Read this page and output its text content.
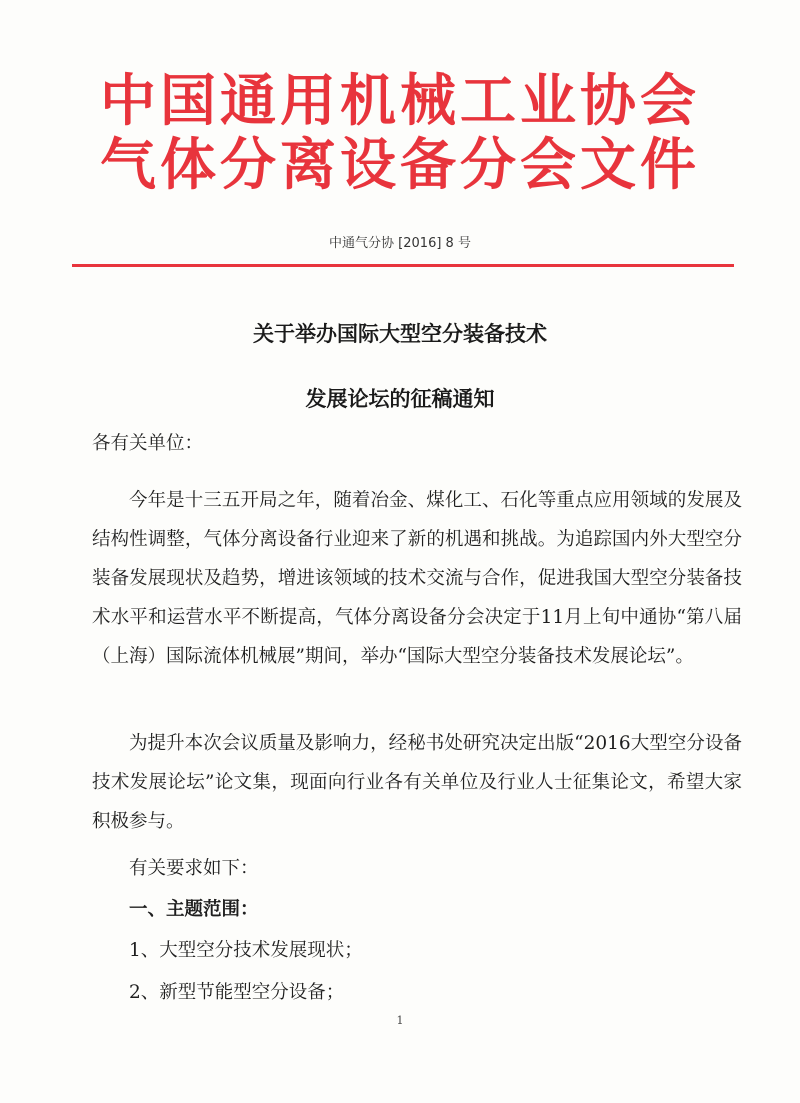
中国通用机械工业协会
气体分离设备分会文件
中通气分协 [2016] 8 号
关于举办国际大型空分装备技术
发展论坛的征稿通知
各有关单位：

今年是十三五开局之年，随着冶金、煤化工、石化等重点应用领域的发展及结构性调整，气体分离设备行业迎来了新的机遇和挑战。为追踪国内外大型空分装备发展现状及趋势，增进该领域的技术交流与合作，促进我国大型空分装备技术水平和运营水平不断提高，气体分离设备分会决定于11月上旬中通协“第八届（上海）国际流体机械展”期间，举办“国际大型空分装备技术发展论坛”。

为提升本次会议质量及影响力，经秘书处研究决定出版“2016大型空分设备技术发展论坛”论文集，现面向行业各有关单位及行业人士征集论文，希望大家积极参与。

有关要求如下：
一、主题范围：
1、大型空分技术发展现状；
2、新型节能型空分设备；
1
